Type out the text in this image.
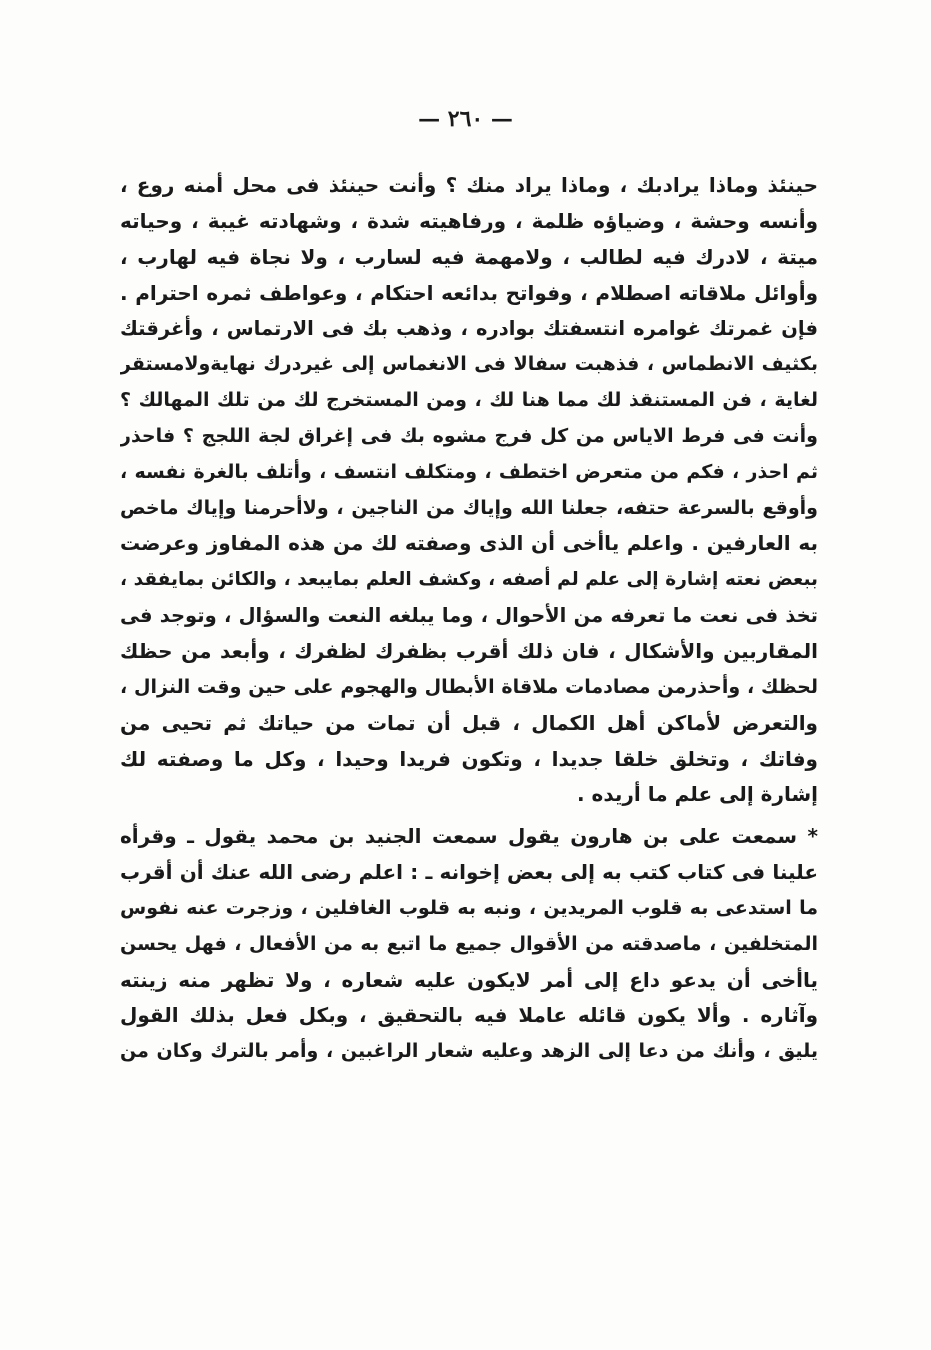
— ٢٦٠ —
حينئذ وماذا يرادبك ، وماذا يراد منك ؟ وأنت حينئذ فى محل أمنه روع ،
وأنسه وحشة ، وضياؤه ظلمة ، ورفاهيته شدة ، وشهادته غيبة ، وحياته
ميتة ، لادرك فيه لطالب ، ولامهمة فيه لسارب ، ولا نجاة فيه لهارب ،
وأوائل ملاقاته اصطلام ، وفواتح بدائعه احتكام ، وعواطف ثمره احترام .
فإن غمرتك غوامره انتسفتك بوادره ، وذهب بك فى الارتماس ، وأغرقتك
بكثيف الانطماس ، فذهبت سفالا فى الانغماس إلى غيردرك نهايةولامستقر
لغاية ، فن المستنقذ لك مما هنا لك ، ومن المستخرج لك من تلك المهالك ؟
وأنت فى فرط الاياس من كل فرج مشوه بك فى إغراق لجة اللجج ؟ فاحذر
ثم احذر ، فكم من متعرض اختطف ، ومتكلف انتسف ، وأتلف بالغرة نفسه ،
وأوقع بالسرعة حتفه، جعلنا الله وإياك من الناجين ، ولاأحرمنا وإياك ماخص
به العارفين . واعلم ياأخى أن الذى وصفته لك من هذه المفاوز وعرضت
ببعض نعته إشارة إلى علم لم أصفه ، وكشف العلم بمايبعد ، والكائن بمايفقد ،
تخذ فى نعت ما تعرفه من الأحوال ، وما يبلغه النعت والسؤال ، وتوجد فى
المقاربين والأشكال ، فان ذلك أقرب بظفرك لظفرك ، وأبعد من حظك
لحظك ، وأحذرمن مصادمات ملاقاة الأبطال والهجوم على حين وقت النزال ،
والتعرض لأماكن أهل الكمال ، قبل أن تمات من حياتك ثم تحيى من
وفاتك ، وتخلق خلقا جديدا ، وتكون فريدا وحيدا ، وكل ما وصفته لك
إشارة إلى علم ما أريده .
* سمعت على بن هارون يقول سمعت الجنيد بن محمد يقول ـ وقرأه
علينا فى كتاب كتب به إلى بعض إخوانه ـ : اعلم رضى الله عنك أن أقرب
ما استدعى به قلوب المريدين ، ونبه به قلوب الغافلين ، وزجرت عنه نفوس
المتخلفين ، ماصدقته من الأقوال جميع ما اتبع به من الأفعال ، فهل يحسن
ياأخى أن يدعو داع إلى أمر لايكون عليه شعاره ، ولا تظهر منه زينته
وآثاره . وألا يكون قائله عاملا فيه بالتحقيق ، وبكل فعل بذلك القول
يليق ، وأنك من دعا إلى الزهد وعليه شعار الراغبين ، وأمر بالترك وكان من
